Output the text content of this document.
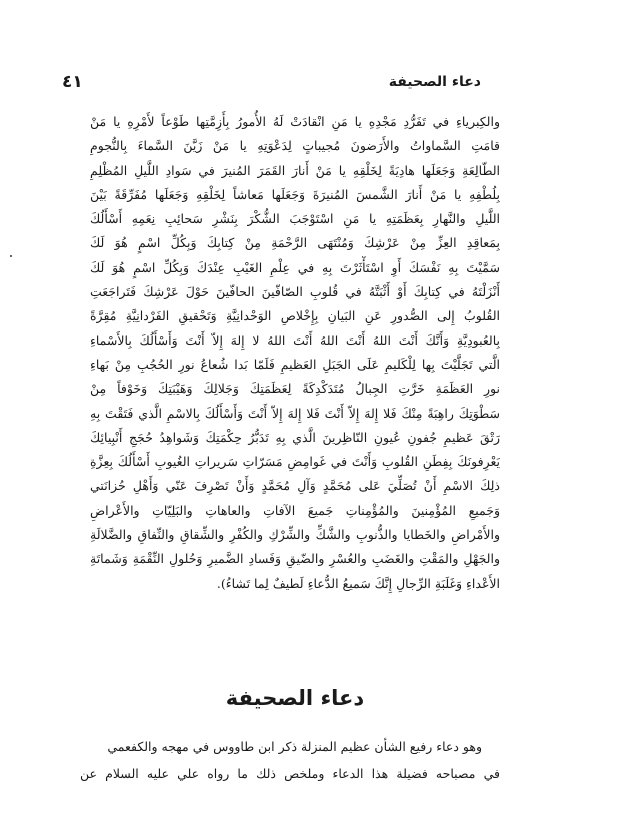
دعاء الصحيفة
٤١
والكِبرياءِ في تَفَرُّدِ مَجْدِهِ يا مَنِ انْقادَتْ لَهُ الأُمورُ بِأَزِمَّتِها طَوْعاً لأَمْرِهِ يا مَنْ
قامَتِ السَّماواتُ والأَرَضونَ مُجيباتٍ لِدَعْوَتِهِ يا مَنْ زَيَّنَ السَّماءَ بِالنُّجومِ
الطّالِعَةِ وَجَعَلَها هادِيَةً لِخَلْقِهِ يا مَنْ أَنارَ القَمَرَ المُنيرَ في سَوادِ اللَّيلِ المُظْلِمِ
بِلُطْفِهِ يا مَنْ أَنارَ الشَّمسَ المُنيرَةَ وَجَعَلَها مَعاشاً لِخَلْقِهِ وَجَعَلَها مُفَرِّقَةً بَيْنَ
اللَّيلِ والنَّهارِ بِعَظَمَتِهِ يا مَنِ اسْتَوْجَبَ الشُّكْرَ بِنَشْرِ سَحائِبِ نِعَمِهِ أَسْأَلُكَ
بِمَعاقِدِ العِزِّ مِنْ عَرْشِكَ وَمُنْتَهَى الرَّحْمَةِ مِنْ كِتابِكَ وَبِكُلِّ اسْمٍ هُوَ لَكَ
سَمَّيْتَ بِهِ نَفْسَكَ أَوِ اسْتَأْثَرْتَ بِهِ في عِلْمِ الغَيْبِ عِنْدَكَ وَبِكُلِّ اسْمٍ هُوَ لَكَ
أَنْزَلْتَهُ في كِتابِكَ أَوْ أَثْبَتَّهُ في قُلوبِ الصّافّينَ الحافّينَ حَوْلَ عَرْشِكَ فَتَراجَعَتِ
القُلوبُ إِلى الصُّدورِ عَنِ البَيانِ بِإِخْلاصِ الوَحْدانِيَّةِ وَتَحْقيقِ الفَرْدانِيَّةِ مُقِرَّةً
بِالعُبودِيَّةِ وَأَنَّكَ أَنْتَ اللهُ أَنْتَ اللهُ أَنْتَ اللهُ لا إِلهَ إِلاّ أَنْتَ وَأَسْأَلُكَ بِالأَسْماءِ
الَّتي تَجَلَّيْتَ بِها لِلْكَليمِ عَلَى الجَبَلِ العَظيمِ فَلَمّا بَدا شُعاعُ نورِ الحُجُبِ مِنْ بَهاءِ
نورِ العَظَمَةِ خَرَّتِ الجِبالُ مُتَدَكْدِكَةً لِعَظَمَتِكَ وَجَلالِكَ وَهَيْبَتِكَ وَخَوْفاً مِنْ
سَطْوَتِكَ راهِبَةً مِنْكَ فَلا إِلهَ إِلاّ أَنْتَ فَلا إِلهَ إِلاّ أَنْتَ وَأَسْأَلُكَ بِالاسْمِ الَّذي فَتَقْتَ بِهِ
رَتْقَ عَظيمِ جُفونِ عُيونِ النّاظِرينَ الَّذي بِهِ تَدَبُّرُ حِكْمَتِكَ وَشَواهِدُ حُجَجِ أَنْبِيائِكَ
يَعْرِفونَكَ بِفِطَنِ القُلوبِ وَأَنْتَ في غَوامِضِ مَسَرّاتِ سَريراتِ الغُيوبِ أَسْأَلُكَ بِعِزَّةِ
ذلِكَ الاسْمِ أَنْ تُصَلِّيَ عَلى مُحَمَّدٍ وَآلِ مُحَمَّدٍ وَأَنْ تَصْرِفَ عَنّي وَأَهْلِ حُزانَتي
وَجَميعِ المُؤْمِنينَ والمُؤْمِناتِ جَميعَ الآفاتِ والعاهاتِ والبَلِيّاتِ والأَعْراضِ
والأَمْراضِ والخَطايا والذُّنوبِ والشَّكِّ والشِّرْكِ والكُفْرِ والشِّقاقِ والنِّفاقِ والضَّلالَةِ
والجَهْلِ والمَقْتِ والغَضَبِ والعُسْرِ والضّيقِ وَفَسادِ الضَّميرِ وَحُلولِ النِّقْمَةِ وَشَماتَةِ
الأَعْداءِ وَغَلَبَةِ الرِّجالِ إِنَّكَ سَميعُ الدُّعاءِ لَطيفٌ لِما تَشاءُ).
دعاء الصحيفة
وهو دعاء رفيع الشأن عظيم المنزلة ذكر ابن طاووس في مهجه والكفعمي
في مصباحه فضيلة هذا الدعاء وملخص ذلك ما رواه علي عليه السلام عن
